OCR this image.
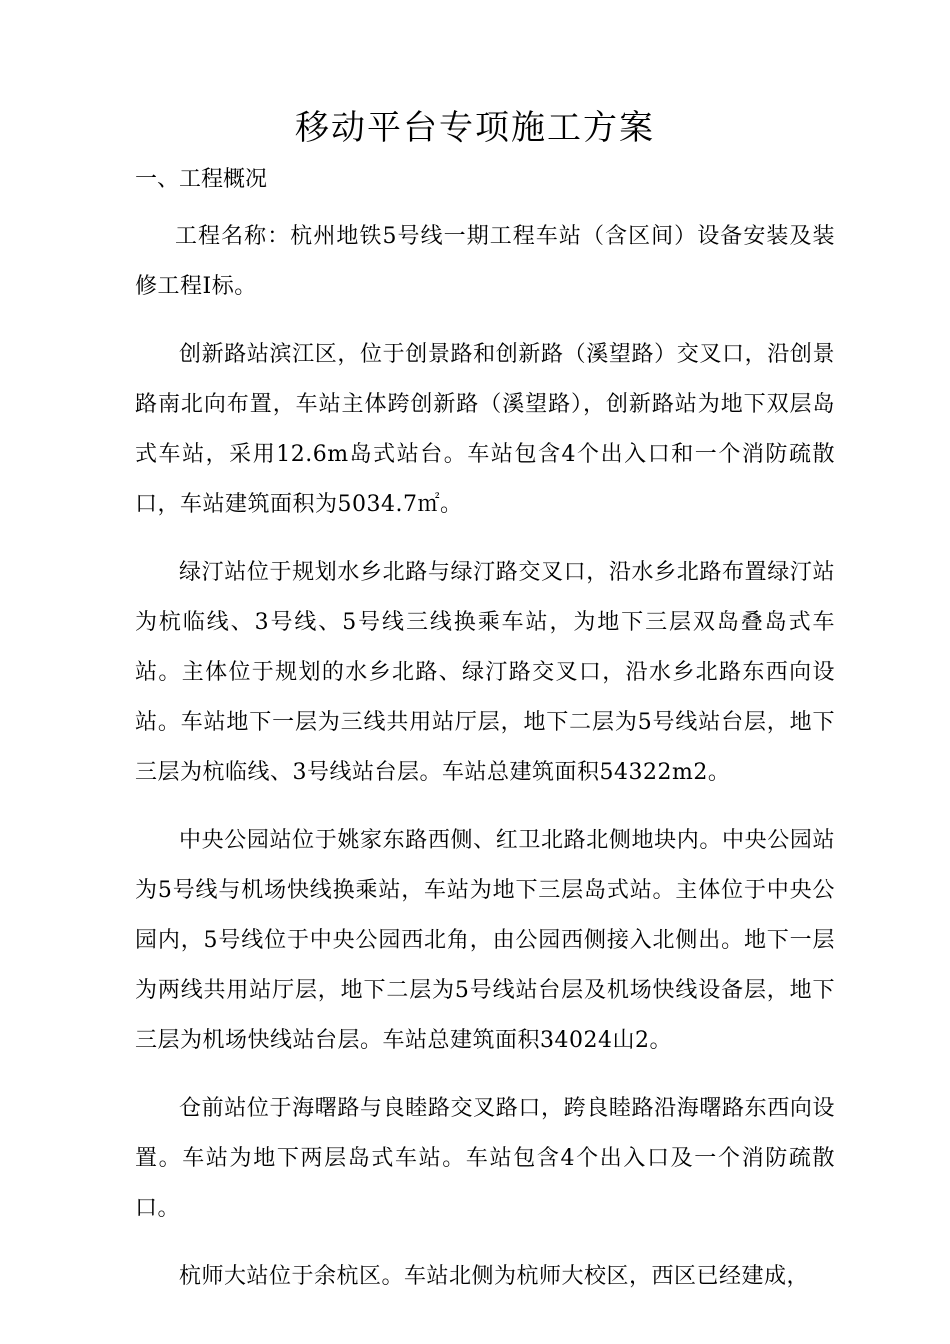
移动平台专项施工方案
一、工程概况

工程名称：杭州地铁5号线一期工程车站（含区间）设备安装及装修工程Ⅰ标。

创新路站滨江区，位于创景路和创新路（溪望路）交叉口，沿创景路南北向布置，车站主体跨创新路（溪望路），创新路站为地下双层岛式车站，采用12.6m岛式站台。车站包含4个出入口和一个消防疏散口，车站建筑面积为5034.7㎡。

绿汀站位于规划水乡北路与绿汀路交叉口，沿水乡北路布置绿汀站为杭临线、3号线、5号线三线换乘车站，为地下三层双岛叠岛式车站。主体位于规划的水乡北路、绿汀路交叉口，沿水乡北路东西向设站。车站地下一层为三线共用站厅层，地下二层为5号线站台层，地下三层为杭临线、3号线站台层。车站总建筑面积54322m2。

中央公园站位于姚家东路西侧、红卫北路北侧地块内。中央公园站为5号线与机场快线换乘站，车站为地下三层岛式站。主体位于中央公园内，5号线位于中央公园西北角，由公园西侧接入北侧出。地下一层为两线共用站厅层，地下二层为5号线站台层及机场快线设备层，地下三层为机场快线站台层。车站总建筑面积34024山2。

仓前站位于海曙路与良睦路交叉路口，跨良睦路沿海曙路东西向设置。车站为地下两层岛式车站。车站包含4个出入口及一个消防疏散口。

杭师大站位于余杭区。车站北侧为杭师大校区，西区已经建成，
